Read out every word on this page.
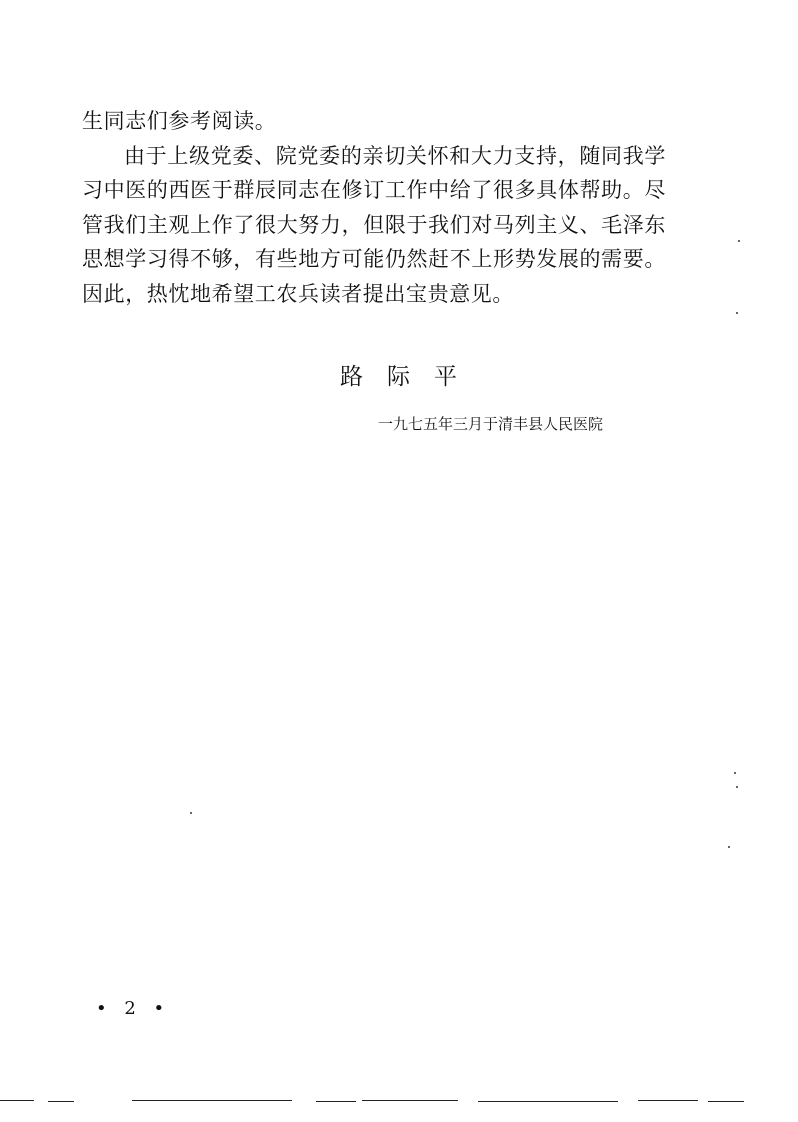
生同志们参考阅读。

由于上级党委、院党委的亲切关怀和大力支持，随同我学习中医的西医于群辰同志在修订工作中给了很多具体帮助。尽管我们主观上作了很大努力，但限于我们对马列主义、毛泽东思想学习得不够，有些地方可能仍然赶不上形势发展的需要。因此，热忱地希望工农兵读者提出宝贵意见。

路际平
一九七五年三月于清丰县人民医院
• 2 •
